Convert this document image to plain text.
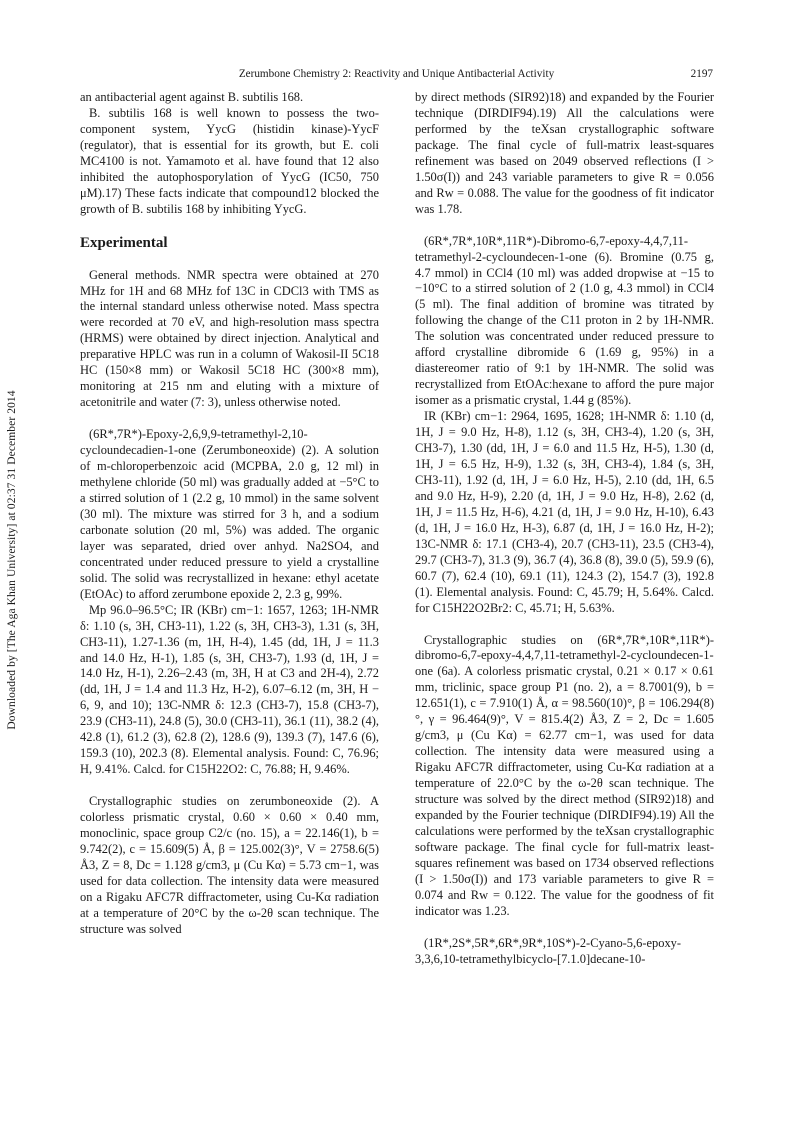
Zerumbone Chemistry 2: Reactivity and Unique Antibacterial Activity	2197
Downloaded by [The Aga Khan University] at 02:37 31 December 2014

an antibacterial agent against B. subtilis 168.

B. subtilis 168 is well known to possess the two-component system, YycG (histidin kinase)-YycF (regulator), that is essential for its growth, but E. coli MC4100 is not. Yamamoto et al. have found that 12 also inhibited the autophosporylation of YycG (IC50, 750 μM).17) These facts indicate that compound12 blocked the growth of B. subtilis 168 by inhibiting YycG.

Experimental

General methods. NMR spectra were obtained at 270 MHz for 1H and 68 MHz fof 13C in CDCl3 with TMS as the internal standard unless otherwise noted. Mass spectra were recorded at 70 eV, and high-resolution mass spectra (HRMS) were obtained by direct injection. Analytical and preparative HPLC was run in a column of Wakosil-II 5C18 HC (150×8 mm) or Wakosil 5C18 HC (300×8 mm), monitoring at 215 nm and eluting with a mixture of acetonitrile and water (7: 3), unless otherwise noted.

(6R*,7R*)-Epoxy-2,6,9,9-tetramethyl-2,10-cycloundecadien-1-one (Zerumboneoxide) (2). A solution of m-chloroperbenzoic acid (MCPBA, 2.0 g, 12 ml) in methylene chloride (50 ml) was gradually added at −5°C to a stirred solution of 1 (2.2 g, 10 mmol) in the same solvent (30 ml). The mixture was stirred for 3 h, and a sodium carbonate solution (20 ml, 5%) was added. The organic layer was separated, dried over anhyd. Na2SO4, and concentrated under reduced pressure to yield a crystalline solid. The solid was recrystallized in hexane: ethyl acetate (EtOAc) to afford zerumbone epoxide 2, 2.3 g, 99%.

Mp 96.0–96.5°C; IR (KBr) cm−1: 1657, 1263; 1H-NMR δ: 1.10 (s, 3H, CH3-11), 1.22 (s, 3H, CH3-3), 1.31 (s, 3H, CH3-11), 1.27-1.36 (m, 1H, H-4), 1.45 (dd, 1H, J = 11.3 and 14.0 Hz, H-1), 1.85 (s, 3H, CH3-7), 1.93 (d, 1H, J = 14.0 Hz, H-1), 2.26–2.43 (m, 3H, H at C3 and 2H-4), 2.72 (dd, 1H, J = 1.4 and 11.3 Hz, H-2), 6.07–6.12 (m, 3H, H − 6, 9, and 10); 13C-NMR δ: 12.3 (CH3-7), 15.8 (CH3-7), 23.9 (CH3-11), 24.8 (5), 30.0 (CH3-11), 36.1 (11), 38.2 (4), 42.8 (1), 61.2 (3), 62.8 (2), 128.6 (9), 139.3 (7), 147.6 (6), 159.3 (10), 202.3 (8). Elemental analysis. Found: C, 76.96; H, 9.41%. Calcd. for C15H22O2: C, 76.88; H, 9.46%.

Crystallographic studies on zerumboneoxide (2). A colorless prismatic crystal, 0.60 × 0.60 × 0.40 mm, monoclinic, space group C2/c (no. 15), a = 22.146(1), b = 9.742(2), c = 15.609(5) Å, β = 125.002(3)°, V = 2758.6(5) Å3, Z = 8, Dc = 1.128 g/cm3, μ (Cu Kα) = 5.73 cm−1, was used for data collection. The intensity data were measured on a Rigaku AFC7R diffractometer, using Cu-Kα radiation at a temperature of 20°C by the ω-2θ scan technique. The structure was solved

by direct methods (SIR92)18) and expanded by the Fourier technique (DIRDIF94).19) All the calculations were performed by the teXsan crystallographic software package. The final cycle of full-matrix least-squares refinement was based on 2049 observed reflections (I > 1.50σ(I)) and 243 variable parameters to give R = 0.056 and Rw = 0.088. The value for the goodness of fit indicator was 1.78.

(6R*,7R*,10R*,11R*)-Dibromo-6,7-epoxy-4,4,7,11-tetramethyl-2-cycloundecen-1-one (6). Bromine (0.75 g, 4.7 mmol) in CCl4 (10 ml) was added dropwise at −15 to −10°C to a stirred solution of 2 (1.0 g, 4.3 mmol) in CCl4 (5 ml). The final addition of bromine was titrated by following the change of the C11 proton in 2 by 1H-NMR. The solution was concentrated under reduced pressure to afford crystalline dibromide 6 (1.69 g, 95%) in a diastereomer ratio of 9:1 by 1H-NMR. The solid was recrystallized from EtOAc:hexane to afford the pure major isomer as a prismatic crystal, 1.44 g (85%).

IR (KBr) cm−1: 2964, 1695, 1628; 1H-NMR δ: 1.10 (d, 1H, J = 9.0 Hz, H-8), 1.12 (s, 3H, CH3-4), 1.20 (s, 3H, CH3-7), 1.30 (dd, 1H, J = 6.0 and 11.5 Hz, H-5), 1.30 (d, 1H, J = 6.5 Hz, H-9), 1.32 (s, 3H, CH3-4), 1.84 (s, 3H, CH3-11), 1.92 (d, 1H, J = 6.0 Hz, H-5), 2.10 (dd, 1H, 6.5 and 9.0 Hz, H-9), 2.20 (d, 1H, J = 9.0 Hz, H-8), 2.62 (d, 1H, J = 11.5 Hz, H-6), 4.21 (d, 1H, J = 9.0 Hz, H-10), 6.43 (d, 1H, J = 16.0 Hz, H-3), 6.87 (d, 1H, J = 16.0 Hz, H-2); 13C-NMR δ: 17.1 (CH3-4), 20.7 (CH3-11), 23.5 (CH3-4), 29.7 (CH3-7), 31.3 (9), 36.7 (4), 36.8 (8), 39.0 (5), 59.9 (6), 60.7 (7), 62.4 (10), 69.1 (11), 124.3 (2), 154.7 (3), 192.8 (1). Elemental analysis. Found: C, 45.79; H, 5.64%. Calcd. for C15H22O2Br2: C, 45.71; H, 5.63%.

Crystallographic studies on (6R*,7R*,10R*,11R*)-dibromo-6,7-epoxy-4,4,7,11-tetramethyl-2-cycloundecen-1-one (6a). A colorless prismatic crystal, 0.21 × 0.17 × 0.61 mm, triclinic, space group P1 (no. 2), a = 8.7001(9), b = 12.651(1), c = 7.910(1) Å, α = 98.560(10)°, β = 106.294(8)°, γ = 96.464(9)°, V = 815.4(2) Å3, Z = 2, Dc = 1.605 g/cm3, μ (Cu Kα) = 62.77 cm−1, was used for data collection. The intensity data were measured using a Rigaku AFC7R diffractometer, using Cu-Kα radiation at a temperature of 22.0°C by the ω-2θ scan technique. The structure was solved by the direct method (SIR92)18) and expanded by the Fourier technique (DIRDIF94).19) All the calculations were performed by the teXsan crystallographic software package. The final cycle for full-matrix least-squares refinement was based on 1734 observed reflections (I > 1.50σ(I)) and 173 variable parameters to give R = 0.074 and Rw = 0.122. The value for the goodness of fit indicator was 1.23.

(1R*,2S*,5R*,6R*,9R*,10S*)-2-Cyano-5,6-epoxy-3,3,6,10-tetramethylbicyclo-[7.1.0]decane-10-
